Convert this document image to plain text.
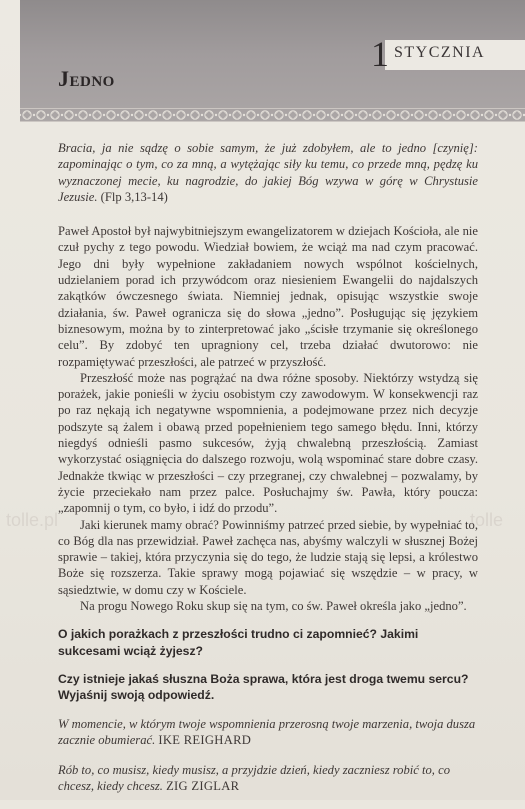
1 STYCZNIA
Jedno

Bracia, ja nie sądzę o sobie samym, że już zdobyłem, ale to jedno [czynię]: zapominając o tym, co za mną, a wytężając siły ku temu, co przede mną, pędzę ku wyznaczonej mecie, ku nagrodzie, do jakiej Bóg wzywa w górę w Chrystusie Jezusie. (Flp 3,13-14)

Paweł Apostoł był najwybitniejszym ewangelizatorem w dziejach Kościoła, ale nie czuł pychy z tego powodu. Wiedział bowiem, że wciąż ma nad czym pracować. Jego dni były wypełnione zakładaniem nowych wspólnot kościelnych, udzielaniem porad ich przywódcom oraz niesieniem Ewangelii do najdalszych zakątków ówczesnego świata. Niemniej jednak, opisując wszystkie swoje działania, św. Paweł ogranicza się do słowa „jedno”. Posługując się językiem biznesowym, można by to zinterpretować jako „ścisłe trzymanie się określonego celu”. By zdobyć ten upragniony cel, trzeba działać dwutorowo: nie rozpamiętywać przeszłości, ale patrzeć w przyszłość.

Przeszłość może nas pogrążać na dwa różne sposoby. Niektórzy wstydzą się porażek, jakie ponieśli w życiu osobistym czy zawodowym. W konsekwencji raz po raz nękają ich negatywne wspomnienia, a podejmowane przez nich decyzje podszyte są żalem i obawą przed popełnieniem tego samego błędu. Inni, którzy niegdyś odnieśli pasmo sukcesów, żyją chwalebną przeszłością. Zamiast wykorzystać osiągnięcia do dalszego rozwoju, wolą wspominać stare dobre czasy. Jednakże tkwiąc w przeszłości – czy przegranej, czy chwalebnej – pozwalamy, by życie przeciekało nam przez palce. Posłuchajmy św. Pawła, który poucza: „zapomnij o tym, co było, i idź do przodu”.

Jaki kierunek mamy obrać? Powinniśmy patrzeć przed siebie, by wypełniać to, co Bóg dla nas przewidział. Paweł zachęca nas, abyśmy walczyli w słusznej Bożej sprawie – takiej, która przyczynia się do tego, że ludzie stają się lepsi, a królestwo Boże się rozszerza. Takie sprawy mogą pojawiać się wszędzie – w pracy, w sąsiedztwie, w domu czy w Kościele.

Na progu Nowego Roku skup się na tym, co św. Paweł określa jako „jedno”.

O jakich porażkach z przeszłości trudno ci zapomnieć? Jakimi sukcesami wciąż żyjesz?

Czy istnieje jakaś słuszna Boża sprawa, która jest droga twemu sercu? Wyjaśnij swoją odpowiedź.

W momencie, w którym twoje wspomnienia przerosną twoje marzenia, twoja dusza zacznie obumierać. IKE REIGHARD

Rób to, co musisz, kiedy musisz, a przyjdzie dzień, kiedy zaczniesz robić to, co chcesz, kiedy chcesz. ZIG ZIGLAR

tolle.pl	tolle
